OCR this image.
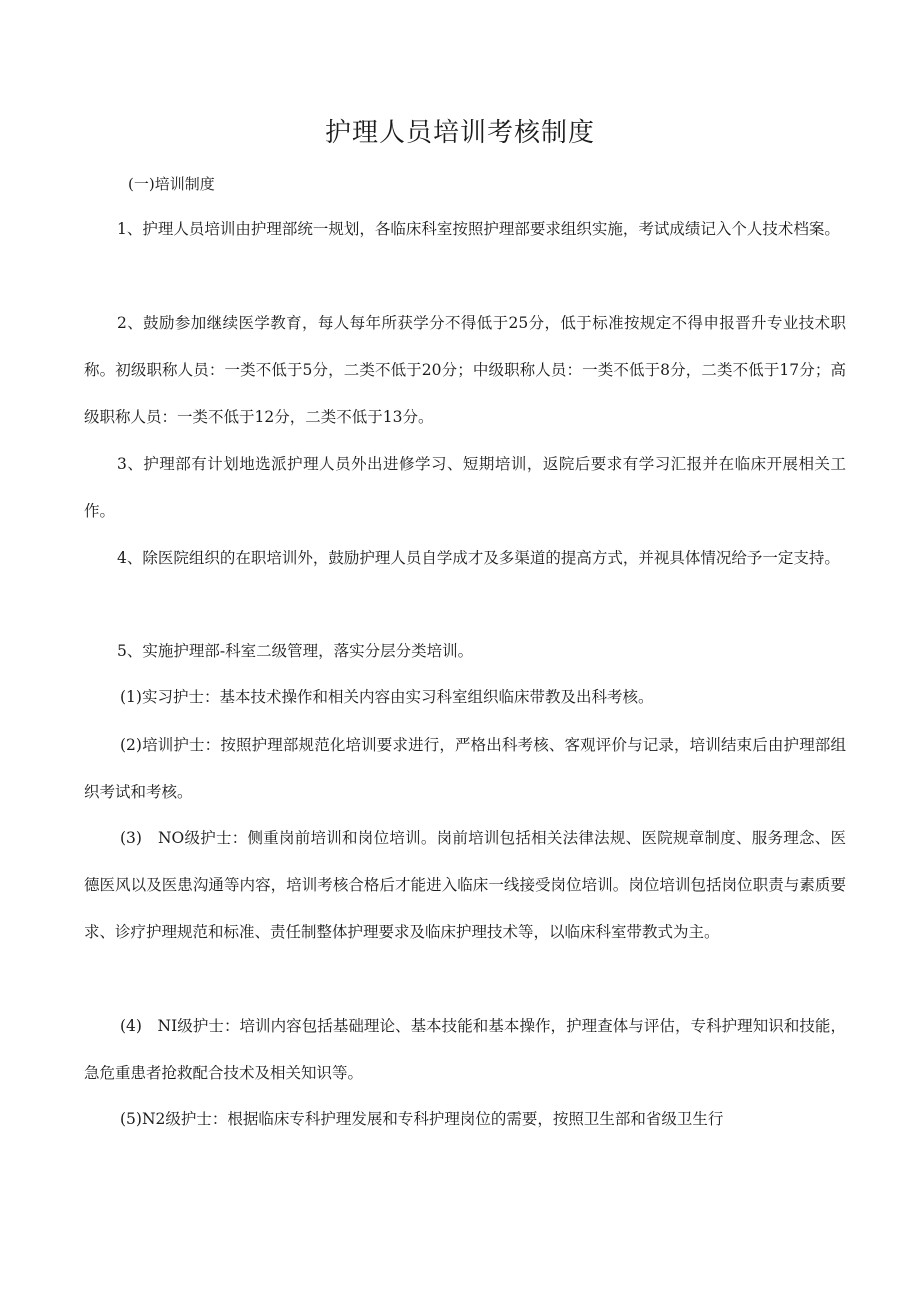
护理人员培训考核制度
(一)培训制度

1、护理人员培训由护理部统一规划，各临床科室按照护理部要求组织实施，考试成绩记入个人技术档案。

2、鼓励参加继续医学教育，每人每年所获学分不得低于25分，低于标准按规定不得申报晋升专业技术职称。初级职称人员：一类不低于5分，二类不低于20分；中级职称人员：一类不低于8分，二类不低于17分；高级职称人员：一类不低于12分，二类不低于13分。

3、护理部有计划地选派护理人员外出进修学习、短期培训，返院后要求有学习汇报并在临床开展相关工作。

4、除医院组织的在职培训外，鼓励护理人员自学成才及多渠道的提高方式，并视具体情况给予一定支持。

5、实施护理部-科室二级管理，落实分层分类培训。

(1)实习护士：基本技术操作和相关内容由实习科室组织临床带教及出科考核。

(2)培训护士：按照护理部规范化培训要求进行，严格出科考核、客观评价与记录，培训结束后由护理部组织考试和考核。

(3)　NO级护士：侧重岗前培训和岗位培训。岗前培训包括相关法律法规、医院规章制度、服务理念、医德医风以及医患沟通等内容，培训考核合格后才能进入临床一线接受岗位培训。岗位培训包括岗位职责与素质要求、诊疗护理规范和标准、责任制整体护理要求及临床护理技术等，以临床科室带教式为主。

(4)　NI级护士：培训内容包括基础理论、基本技能和基本操作，护理查体与评估，专科护理知识和技能，急危重患者抢救配合技术及相关知识等。

(5)N2级护士：根据临床专科护理发展和专科护理岗位的需要，按照卫生部和省级卫生行
